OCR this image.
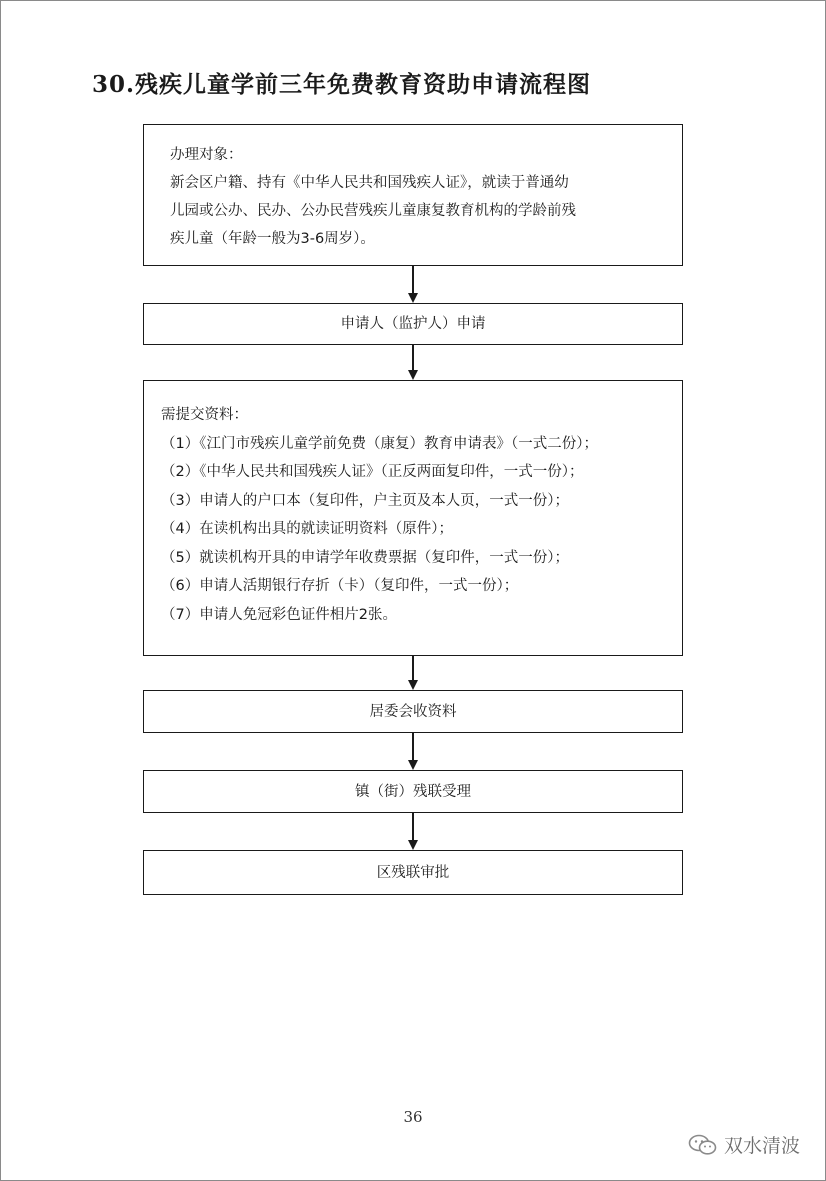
30.残疾儿童学前三年免费教育资助申请流程图
办理对象：
新会区户籍、持有《中华人民共和国残疾人证》，就读于普通幼
儿园或公办、民办、公办民营残疾儿童康复教育机构的学龄前残
疾儿童（年龄一般为3-6周岁）。
申请人（监护人）申请
需提交资料：
（1）《江门市残疾儿童学前免费（康复）教育申请表》（一式二份）；
（2）《中华人民共和国残疾人证》（正反两面复印件，一式一份）；
（3）申请人的户口本（复印件，户主页及本人页，一式一份）；
（4）在读机构出具的就读证明资料（原件）；
（5）就读机构开具的申请学年收费票据（复印件，一式一份）；
（6）申请人活期银行存折（卡）（复印件，一式一份）；
（7）申请人免冠彩色证件相片2张。
居委会收资料
镇（街）残联受理
区残联审批
36
双水清波
